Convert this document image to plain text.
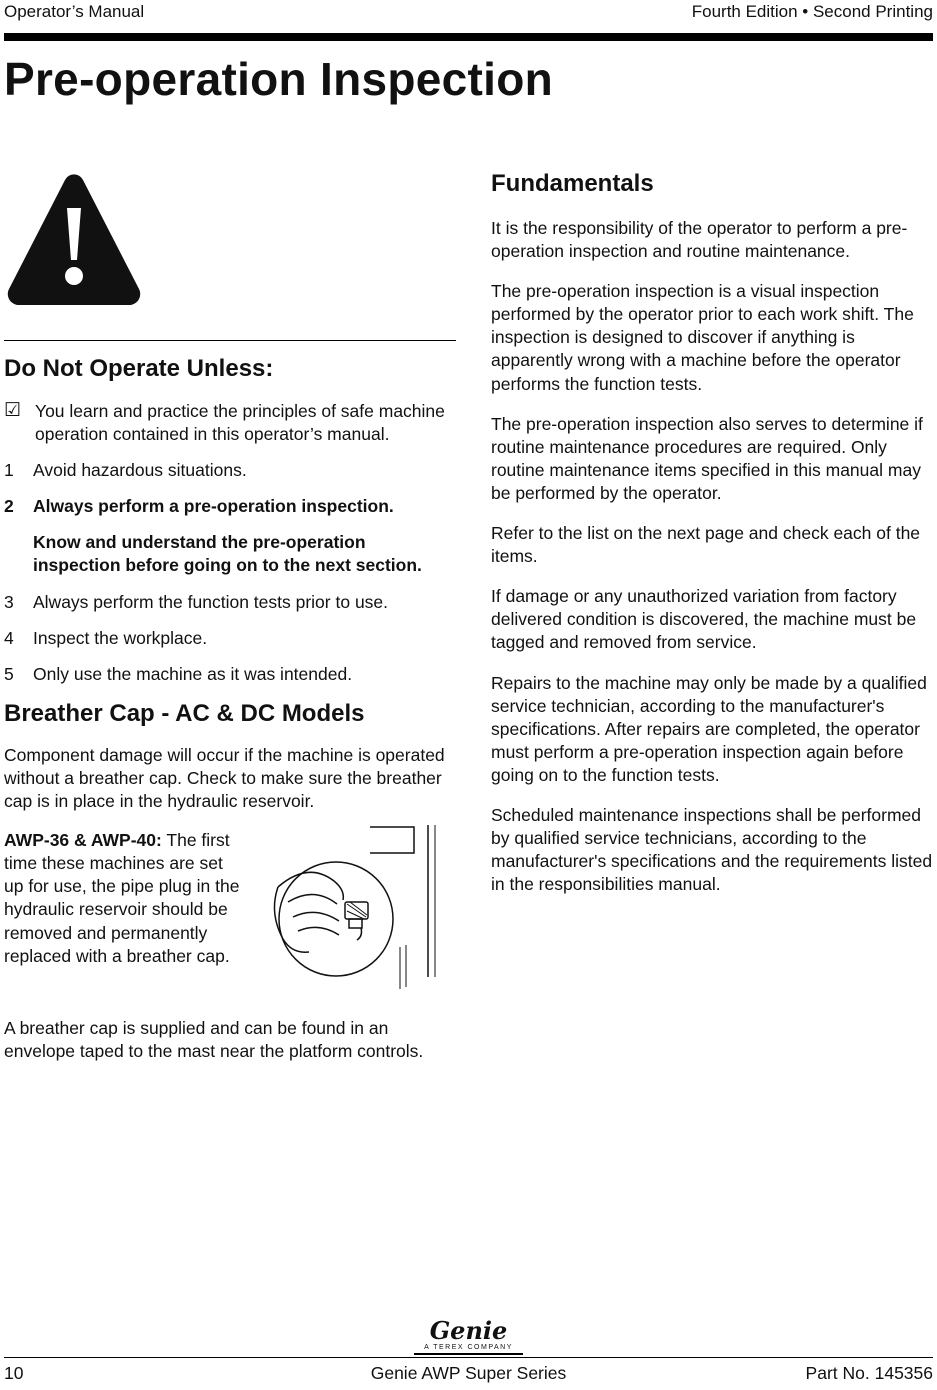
Operator’s Manual	Fourth Edition • Second Printing
Pre-operation Inspection
Do Not Operate Unless:
☑ You learn and practice the principles of safe machine operation contained in this operator’s manual.
1	Avoid hazardous situations.
2	Always perform a pre-operation inspection.
Know and understand the pre-operation inspection before going on to the next section.
3	Always perform the function tests prior to use.
4	Inspect the workplace.
5	Only use the machine as it was intended.
Breather Cap - AC & DC Models

Component damage will occur if the machine is operated without a breather cap. Check to make sure the breather cap is in place in the hydraulic reservoir.

AWP-36 & AWP-40: The first time these machines are set up for use, the pipe plug in the hydraulic reservoir should be removed and permanently replaced with a breather cap.

A breather cap is supplied and can be found in an envelope taped to the mast near the platform controls.

Fundamentals

It is the responsibility of the operator to perform a pre-operation inspection and routine maintenance.

The pre-operation inspection is a visual inspection performed by the operator prior to each work shift. The inspection is designed to discover if anything is apparently wrong with a machine before the operator performs the function tests.

The pre-operation inspection also serves to determine if routine maintenance procedures are required. Only routine maintenance items specified in this manual may be performed by the operator.

Refer to the list on the next page and check each of the items.

If damage or any unauthorized variation from factory delivered condition is discovered, the machine must be tagged and removed from service.

Repairs to the machine may only be made by a qualified service technician, according to the manufacturer's specifications. After repairs are completed, the operator must perform a pre-operation inspection again before going on to the function tests.

Scheduled maintenance inspections shall be performed by qualified service technicians, according to the manufacturer's specifications and the requirements listed in the responsibilities manual.

Genie
A TEREX COMPANY
10	Genie AWP Super Series	Part No. 145356
